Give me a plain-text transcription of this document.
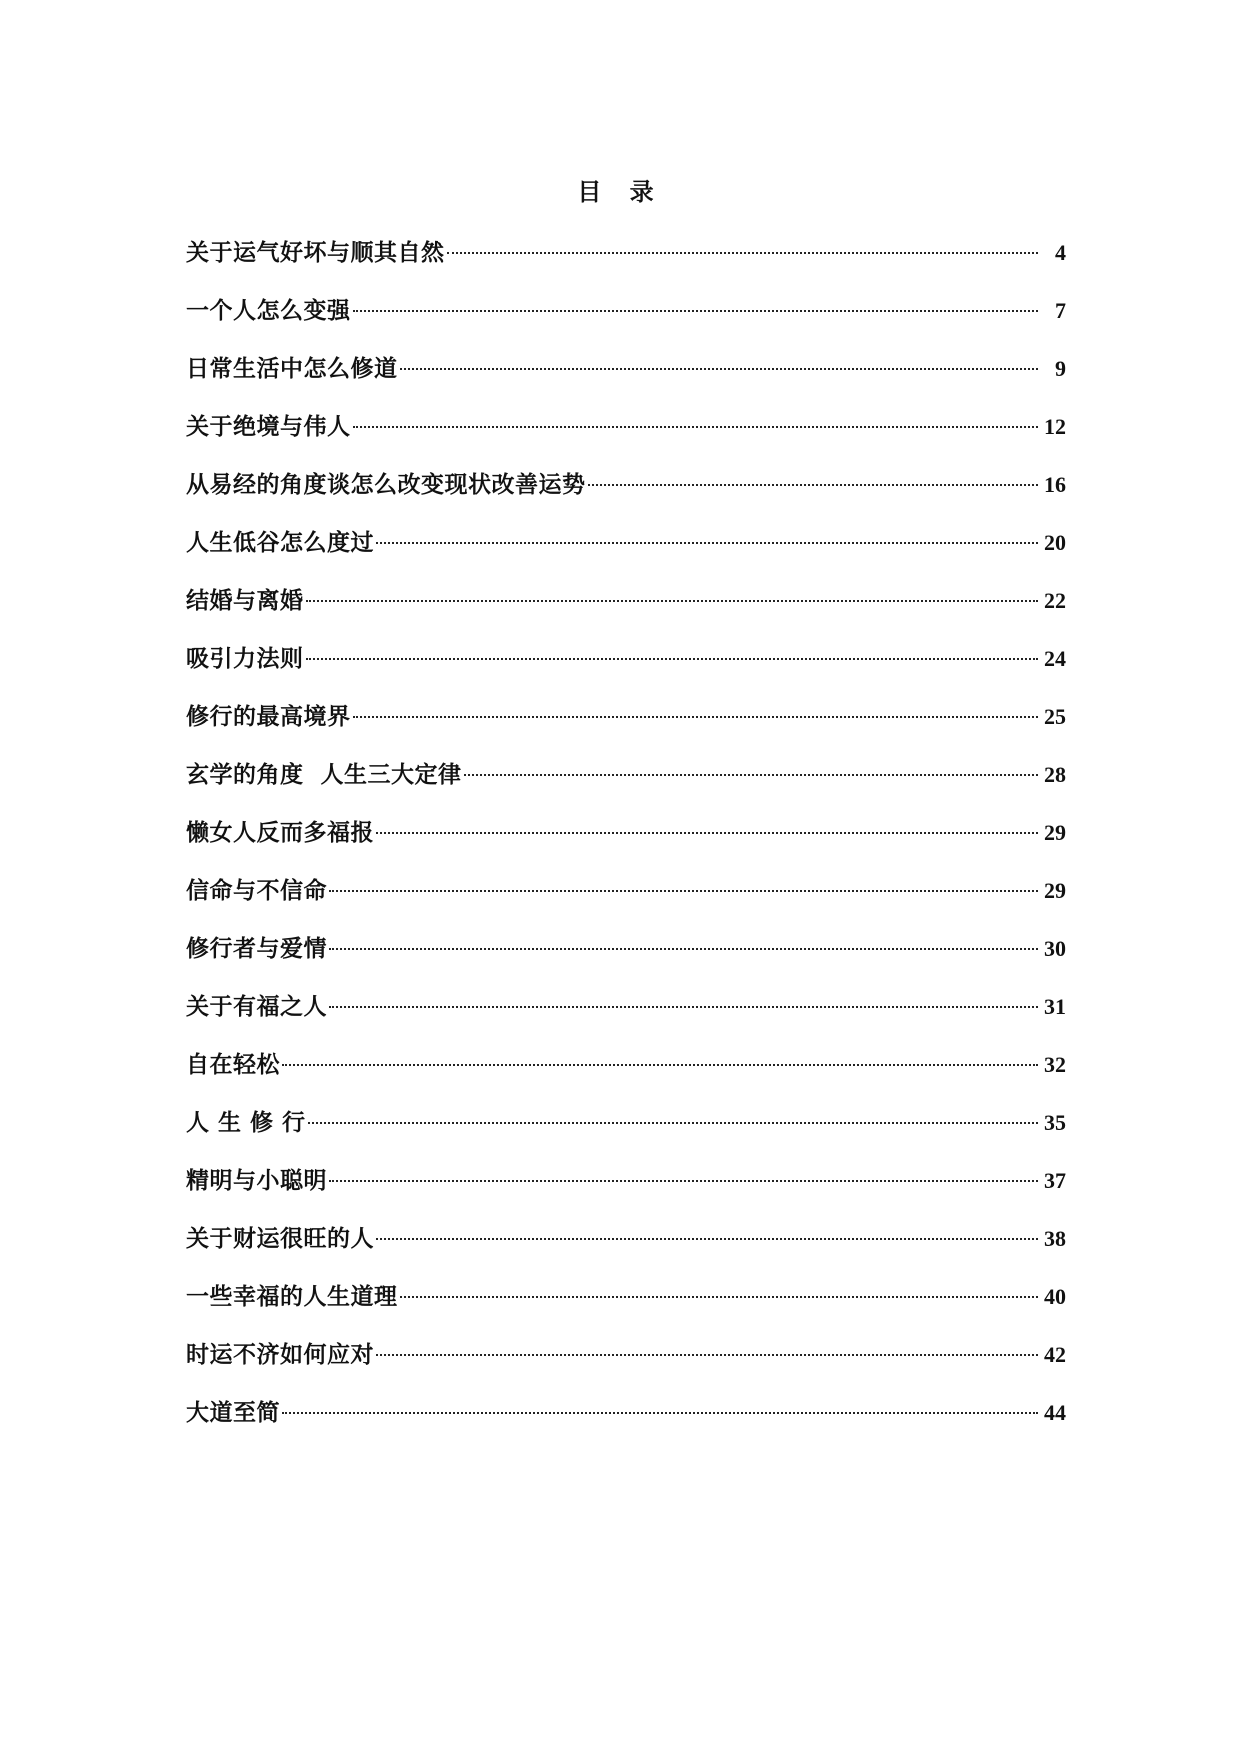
目 录
关于运气好坏与顺其自然	4
一个人怎么变强	7
日常生活中怎么修道	9
关于绝境与伟人	12
从易经的角度谈怎么改变现状改善运势	16
人生低谷怎么度过	20
结婚与离婚	22
吸引力法则	24
修行的最高境界	25
玄学的角度  人生三大定律	28
懒女人反而多福报	29
信命与不信命	29
修行者与爱情	30
关于有福之人	31
自在轻松	32
人 生 修 行	35
精明与小聪明	37
关于财运很旺的人	38
一些幸福的人生道理	40
时运不济如何应对	42
大道至简	44
